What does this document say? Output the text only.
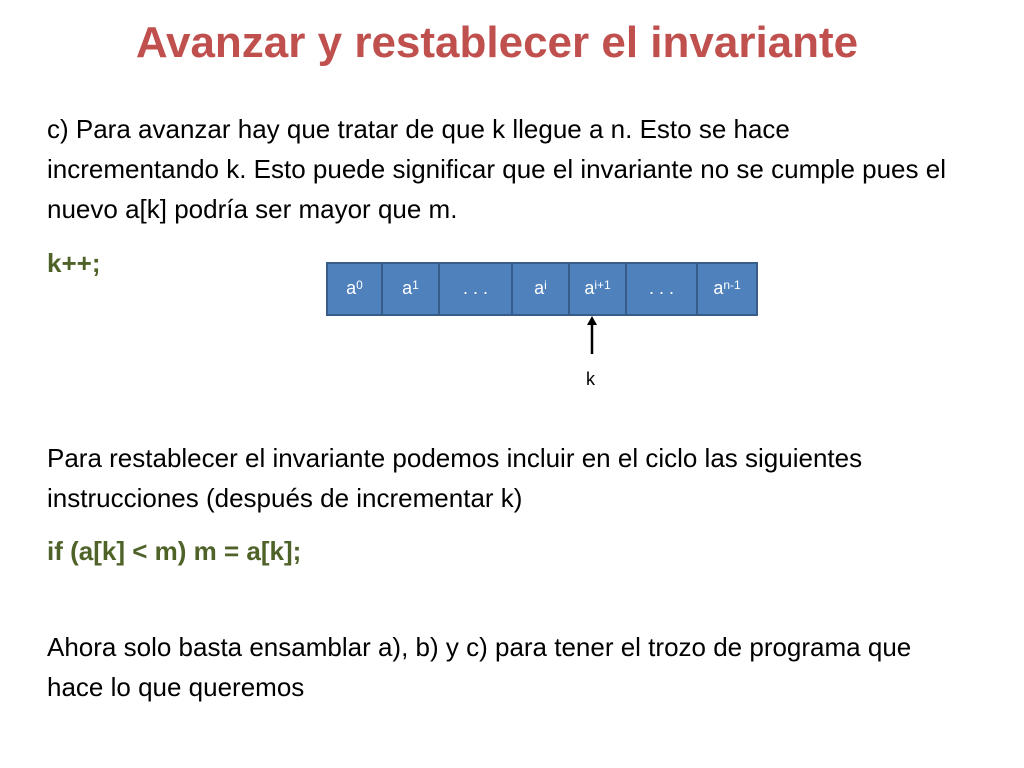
Avanzar y restablecer el invariante

c) Para avanzar hay que tratar de que k llegue a n. Esto se hace incrementando k. Esto puede significar que el invariante no se cumple pues el nuevo a[k] podría ser mayor que m.

k++;

a 0 a 1 . . .	a i a i+1 . . . a n-1
k

Para restablecer el invariante podemos incluir en el ciclo las siguientes instrucciones (después de incrementar k)

if (a[k] < m) m = a[k];

Ahora solo basta ensamblar a), b) y c) para tener el trozo de programa que hace lo que queremos
